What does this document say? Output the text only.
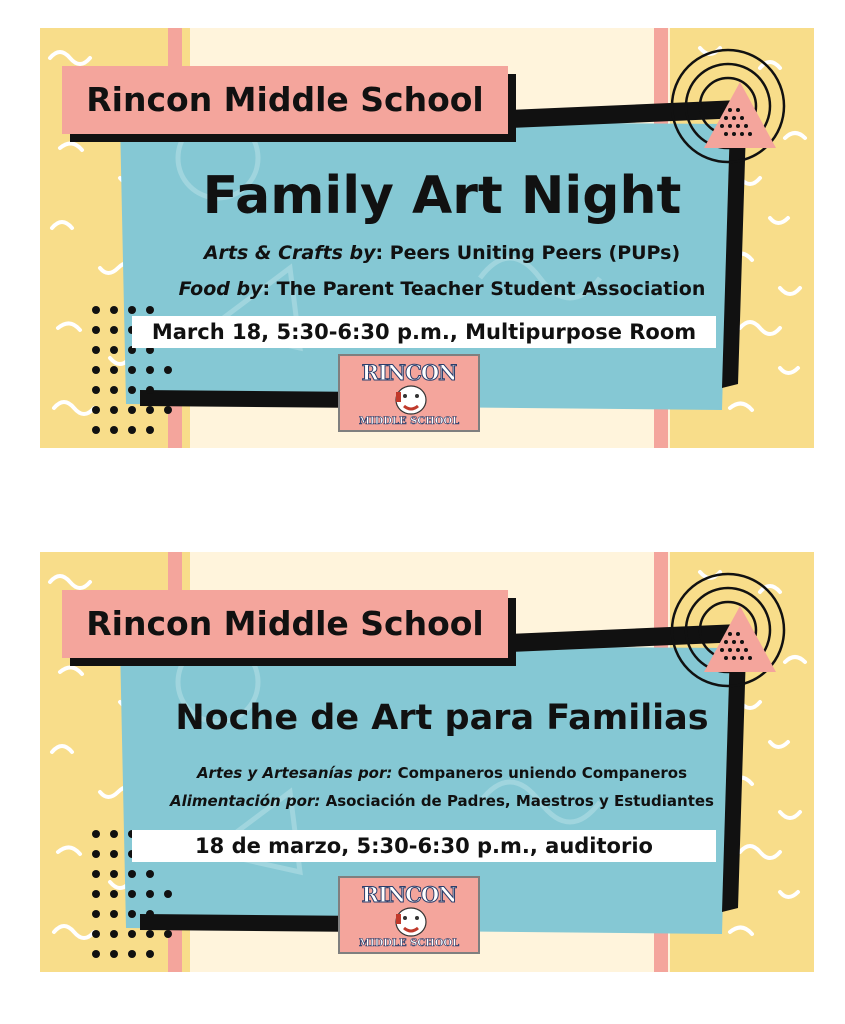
Rincon Middle School
Family Art Night
Arts & Crafts by: Peers Uniting Peers (PUPs)
Food by: The Parent Teacher Student Association
March 18, 5:30-6:30 p.m., Multipurpose Room
RINCON
MIDDLE SCHOOL
Rincon Middle School
Noche de Art para Familias
Artes y Artesanías por: Companeros uniendo Companeros
Alimentación por: Asociación de Padres, Maestros y Estudiantes
18 de marzo, 5:30-6:30 p.m., auditorio
RINCON
MIDDLE SCHOOL
